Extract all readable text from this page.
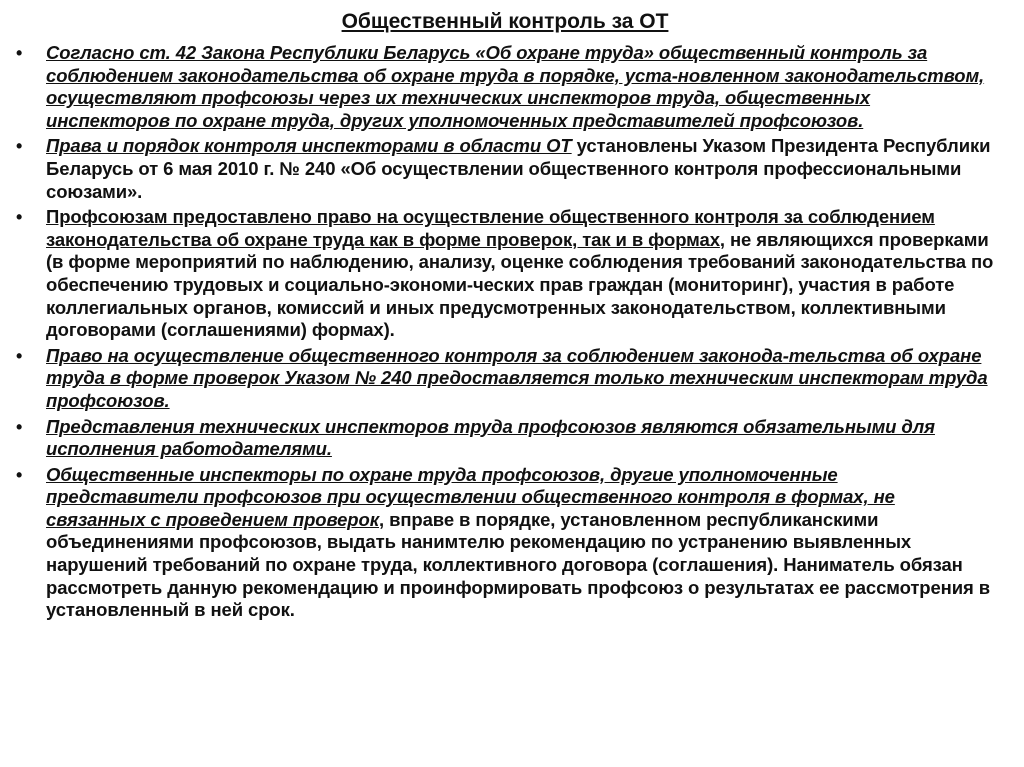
Общественный контроль за ОТ
• Согласно ст. 42 Закона Республики Беларусь «Об охране труда» общественный контроль за соблюдением законодательства об охране труда в порядке, уста-новленном законодательством, осуществляют профсоюзы через их технических инспекторов труда, общественных инспекторов по охране труда, других уполномоченных представителей профсоюзов.
• Права и порядок контроля инспекторами в области ОТ установлены Указом Президента Республики Беларусь от 6 мая 2010 г. № 240 «Об осуществлении общественного контроля профессиональными союзами».
• Профсоюзам предоставлено право на осуществление общественного контроля за соблюдением законодательства об охране труда как в форме проверок, так и в формах, не являющихся проверками (в форме мероприятий по наблюдению, анализу, оценке соблюдения требований законодательства по обеспечению трудовых и социально-экономи-ческих прав граждан (мониторинг), участия в работе коллегиальных органов, комиссий и иных предусмотренных законодательством, коллективными договорами (соглашениями) формах).
• Право на осуществление общественного контроля за соблюдением законода-тельства об охране труда в форме проверок Указом № 240 предоставляется только техническим инспекторам труда профсоюзов.
• Представления технических инспекторов труда профсоюзов являются обязательными для исполнения работодателями.
• Общественные инспекторы по охране труда профсоюзов, другие уполномоченные представители профсоюзов при осуществлении общественного контроля в формах, не связанных с проведением проверок, вправе в порядке, установленном республиканскими объединениями профсоюзов, выдать нанимтелю рекомендацию по устранению выявленных нарушений требований по охране труда, коллективного договора (соглашения). Наниматель обязан рассмотреть данную рекомендацию и проинформировать профсоюз о результатах ее рассмотрения в установленный в ней срок.
